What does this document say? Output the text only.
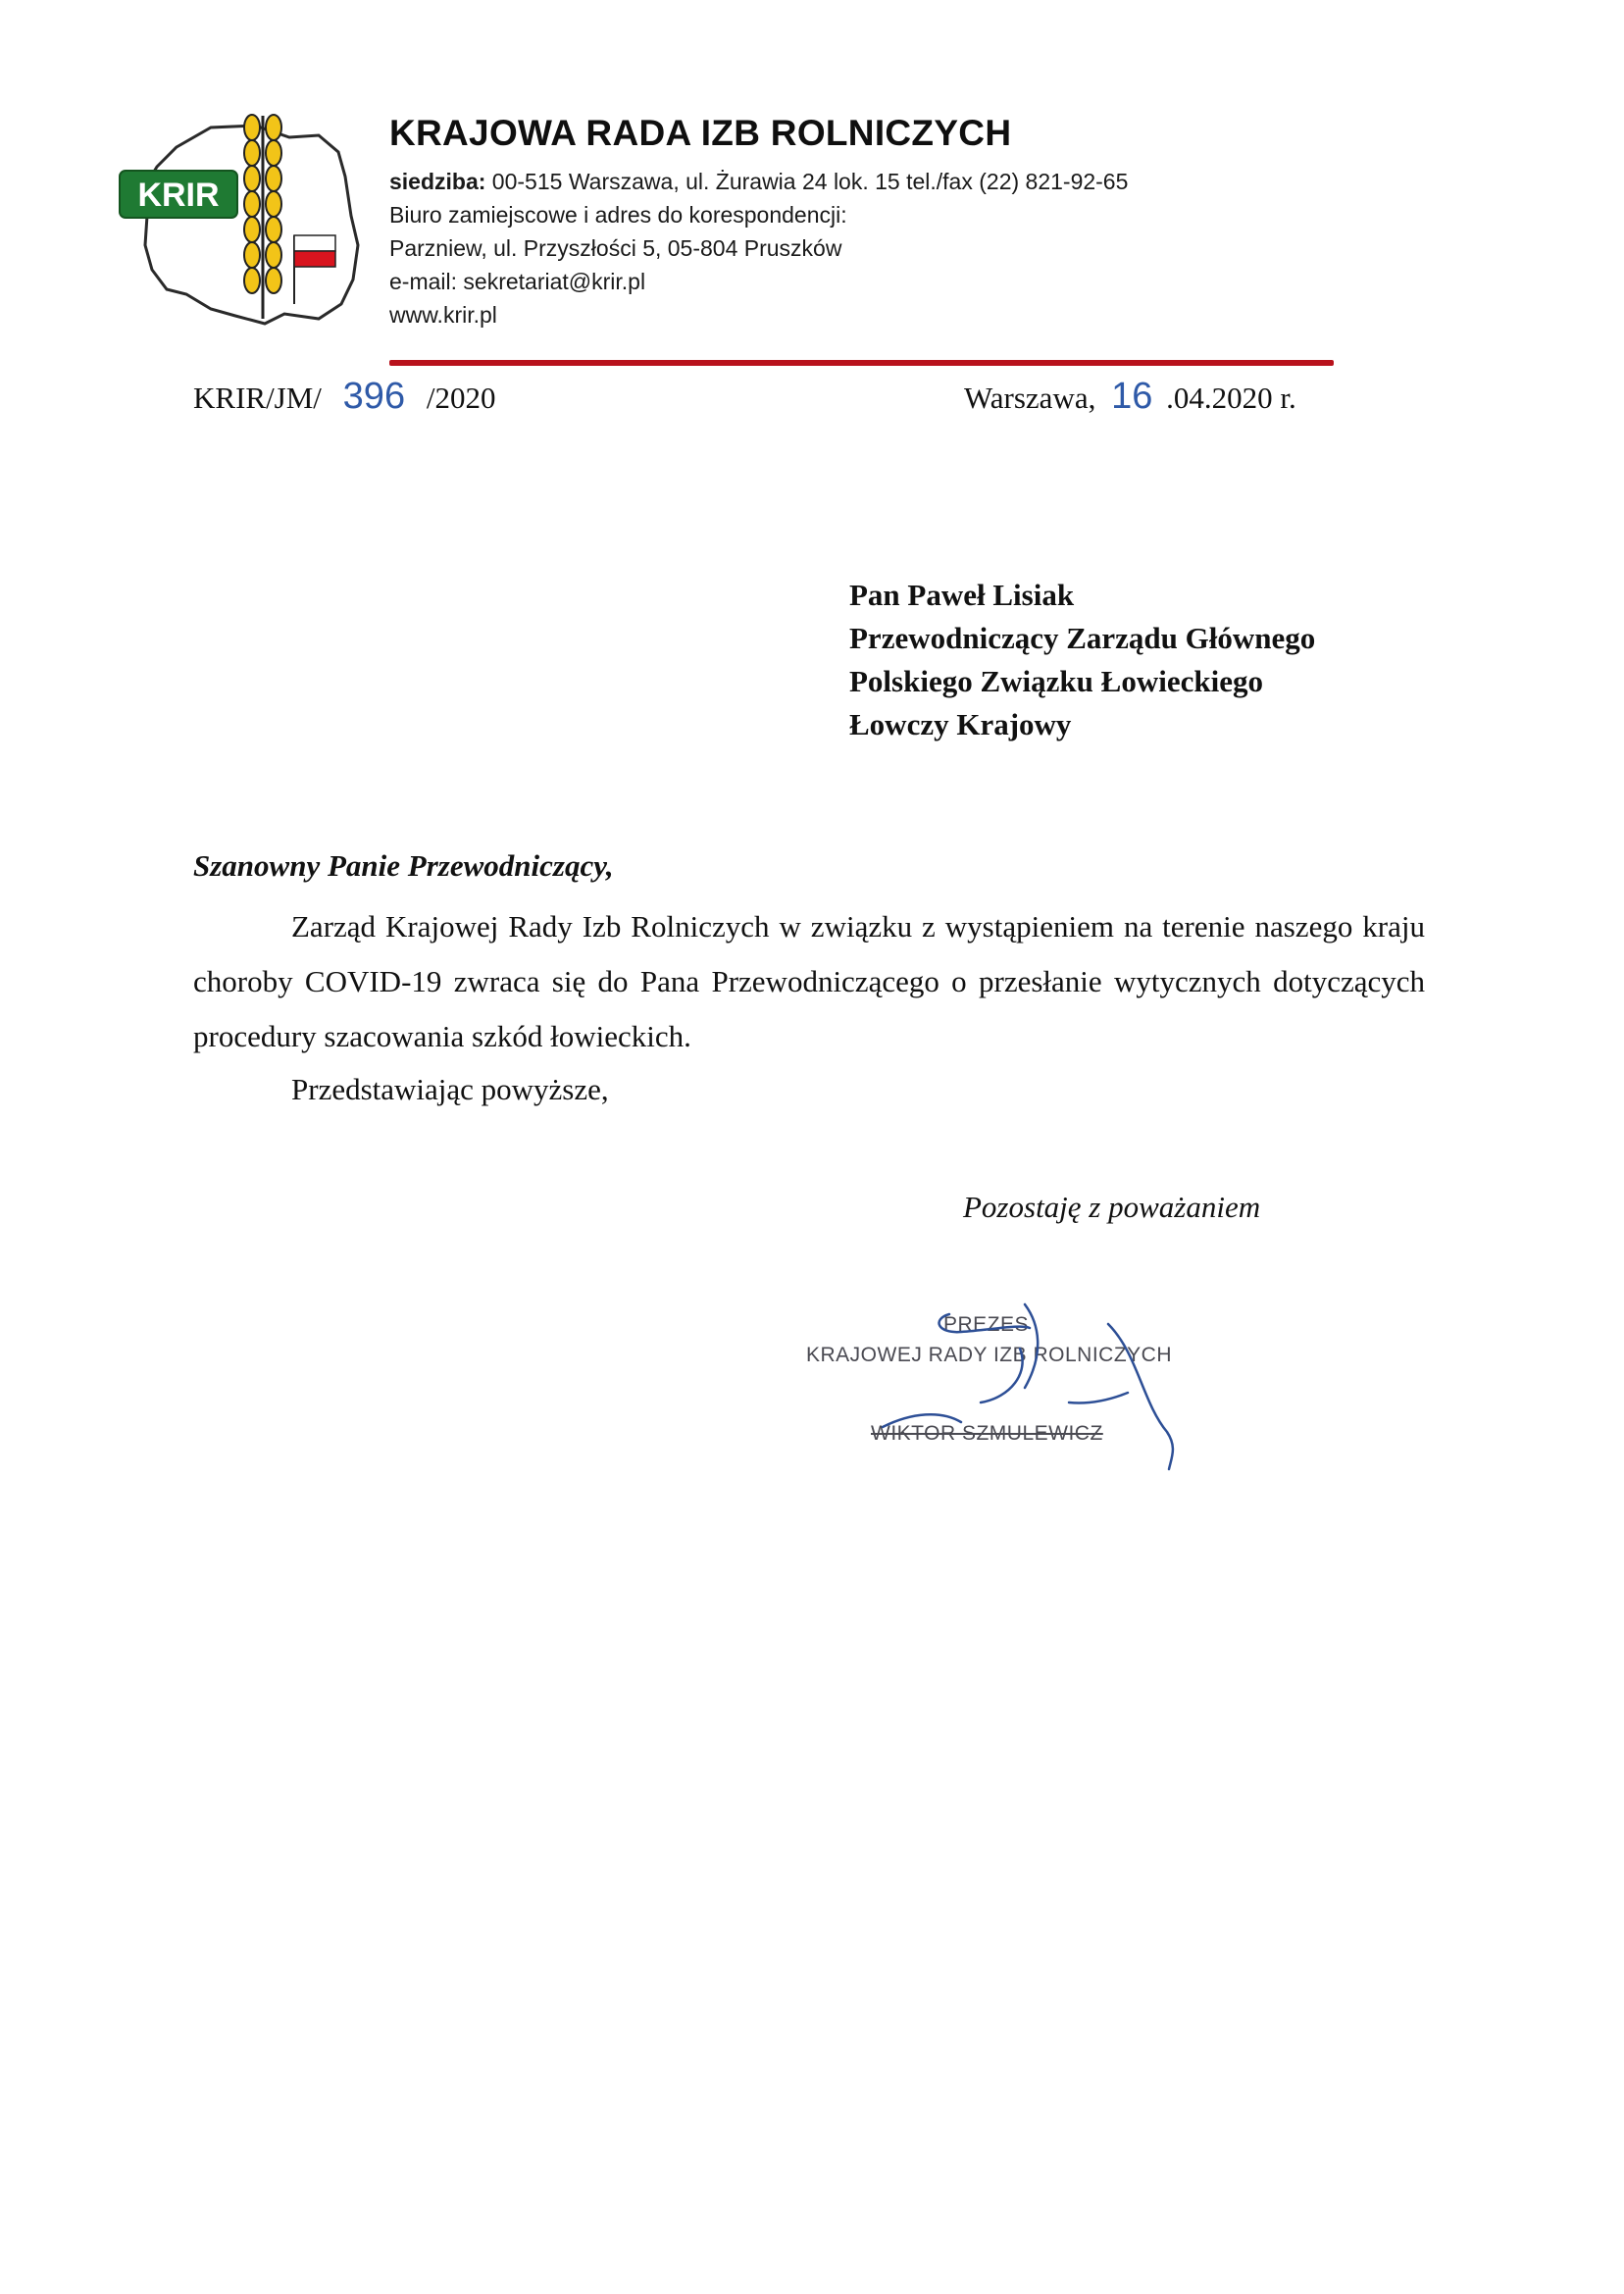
KRIR
KRAJOWA RADA IZB ROLNICZYCH
siedziba: 00-515 Warszawa, ul. Żurawia 24 lok. 15 tel./fax (22) 821-92-65
Biuro zamiejscowe i adres do korespondencji:
Parzniew, ul. Przyszłości 5, 05-804 Pruszków
e-mail: sekretariat@krir.pl
www.krir.pl
KRIR/JM/ 396 /2020	Warszawa, 16 .04.2020 r.
Pan Paweł Lisiak
Przewodniczący Zarządu Głównego
Polskiego Związku Łowieckiego
Łowczy Krajowy
Szanowny Panie Przewodniczący,
Zarząd Krajowej Rady Izb Rolniczych w związku z wystąpieniem na terenie naszego kraju choroby COVID-19 zwraca się do Pana Przewodniczącego o przesłanie wytycznych dotyczących procedury szacowania szkód łowieckich.
Przedstawiając powyższe,
Pozostaję z poważaniem
PREZES
KRAJOWEJ RADY IZB ROLNICZYCH
WIKTOR SZMULEWICZ
